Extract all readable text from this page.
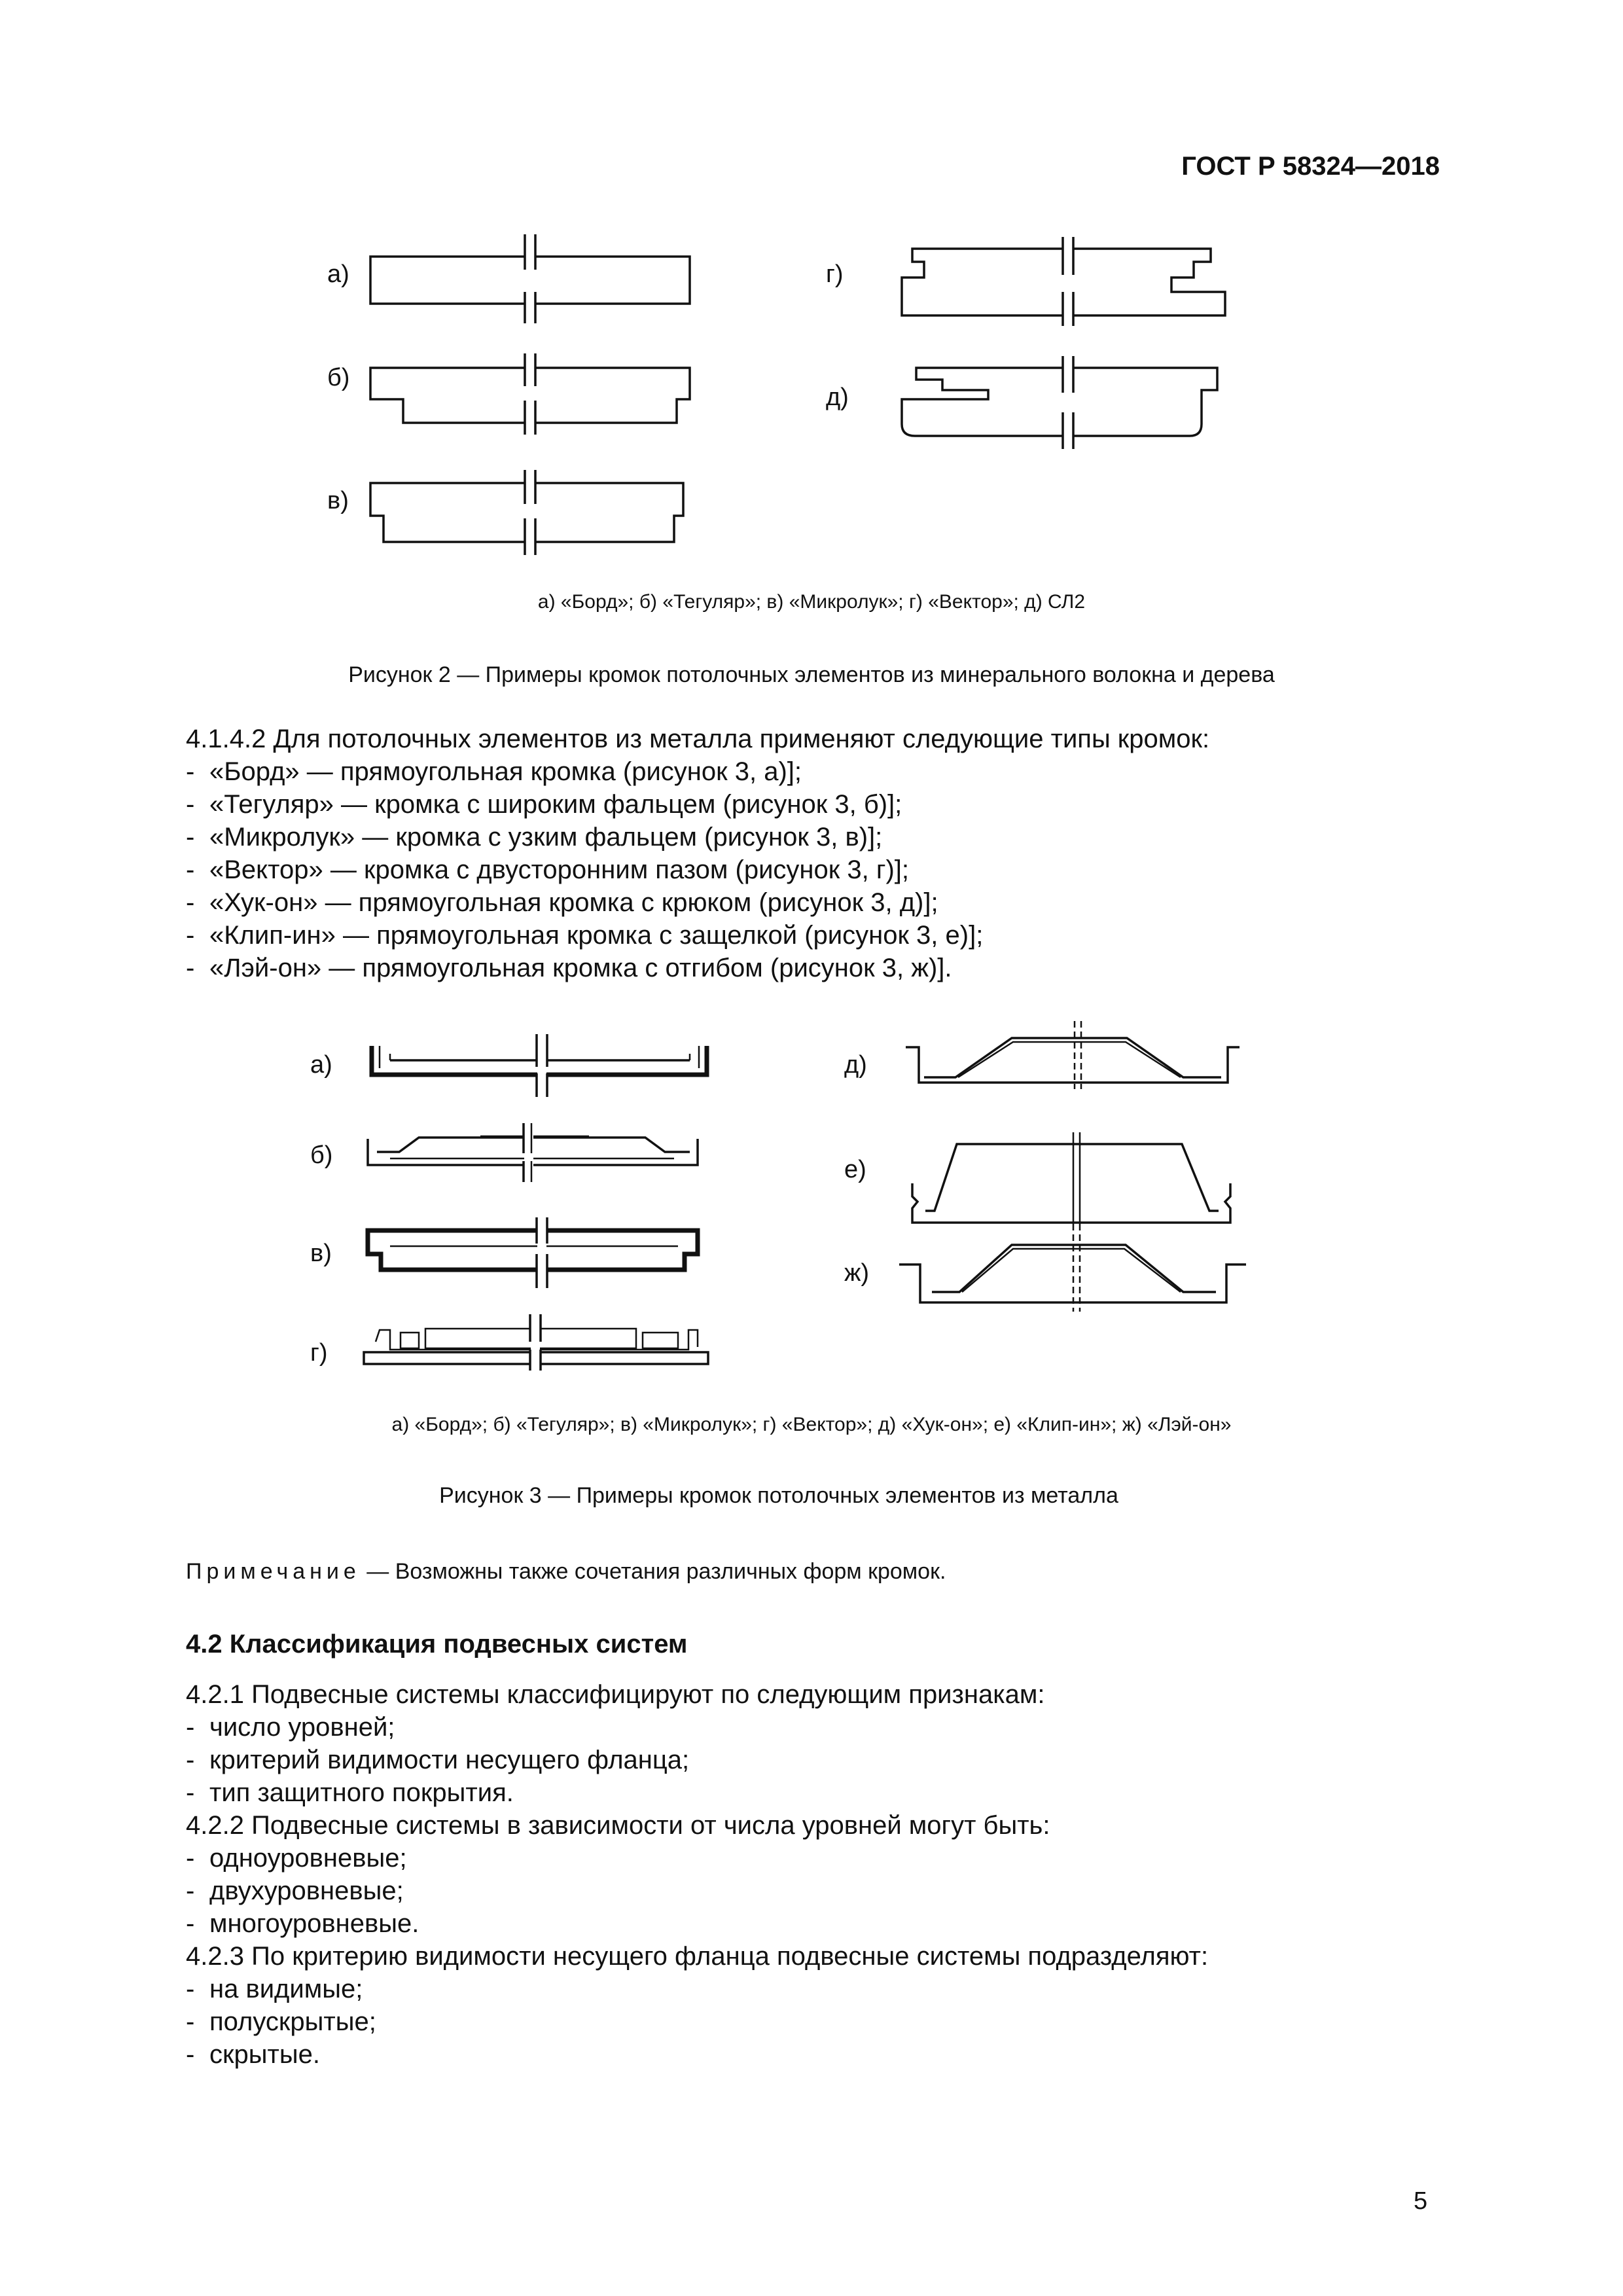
ГОСТ Р 58324—2018
а)
б)
в)
г)
д)
а) «Борд»; б) «Тегуляр»; в) «Микролук»; г) «Вектор»; д) СЛ2
Рисунок 2 — Примеры кромок потолочных элементов из минерального волокна и дерева
4.1.4.2 Для потолочных элементов из металла применяют следующие типы кромок:
- «Борд» — прямоугольная кромка (рисунок 3, а)];
- «Тегуляр» — кромка с широким фальцем (рисунок 3, б)];
- «Микролук» — кромка с узким фальцем (рисунок 3, в)];
- «Вектор» — кромка с двусторонним пазом (рисунок 3, г)];
- «Хук-он» — прямоугольная кромка с крюком (рисунок 3, д)];
- «Клип-ин» — прямоугольная кромка с защелкой (рисунок 3, е)];
- «Лэй-он» — прямоугольная кромка с отгибом (рисунок 3, ж)].
а)
б)
в)
г)
д)
е)
ж)
а) «Борд»; б) «Тегуляр»; в) «Микролук»; г) «Вектор»; д) «Хук-он»; е) «Клип-ин»; ж) «Лэй-он»
Рисунок 3 — Примеры кромок потолочных элементов из металла
Примечание — Возможны также сочетания различных форм кромок.
4.2 Классификация подвесных систем
4.2.1 Подвесные системы классифицируют по следующим признакам:
- число уровней;
- критерий видимости несущего фланца;
- тип защитного покрытия.
4.2.2 Подвесные системы в зависимости от числа уровней могут быть:
- одноуровневые;
- двухуровневые;
- многоуровневые.
4.2.3 По критерию видимости несущего фланца подвесные системы подразделяют:
- на видимые;
- полускрытые;
- скрытые.
5
